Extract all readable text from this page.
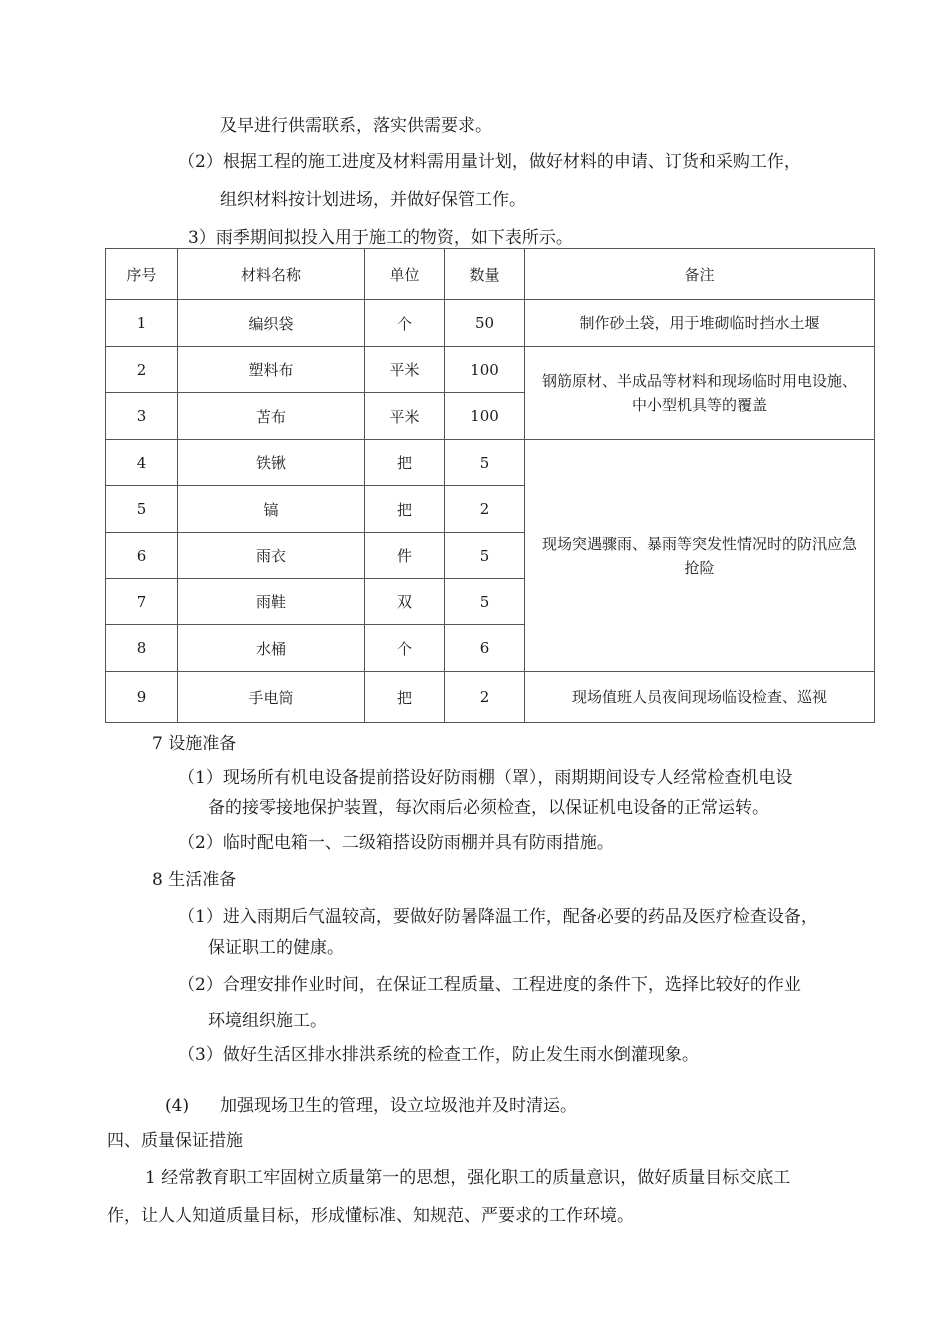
及早进行供需联系，落实供需要求。
（2）根据工程的施工进度及材料需用量计划，做好材料的申请、订货和采购工作，
组织材料按计划进场，并做好保管工作。
3）雨季期间拟投入用于施工的物资，如下表所示。
序号	材料名称	单位	数量	备注
1	编织袋	个	50	制作砂土袋，用于堆砌临时挡水土堰
2	塑料布	平米	100	钢筋原材、半成品等材料和现场临时用电设施、中小型机具等的覆盖
3	苫布	平米	100	
4	铁锹	把	5	现场突遇骤雨、暴雨等突发性情况时的防汛应急抢险
5	镐	把	2	
6	雨衣	件	5	
7	雨鞋	双	5	
8	水桶	个	6	
9	手电筒	把	2	现场值班人员夜间现场临设检查、巡视
7 设施准备
（1）现场所有机电设备提前搭设好防雨棚（罩），雨期期间设专人经常检查机电设
备的接零接地保护装置，每次雨后必须检查，以保证机电设备的正常运转。
（2）临时配电箱一、二级箱搭设防雨棚并具有防雨措施。
8 生活准备
（1）进入雨期后气温较高，要做好防暑降温工作，配备必要的药品及医疗检查设备，
保证职工的健康。
（2）合理安排作业时间，在保证工程质量、工程进度的条件下，选择比较好的作业
环境组织施工。
（3）做好生活区排水排洪系统的检查工作，防止发生雨水倒灌现象。
(4) 加强现场卫生的管理，设立垃圾池并及时清运。
四、质量保证措施
1 经常教育职工牢固树立质量第一的思想，强化职工的质量意识，做好质量目标交底工
作，让人人知道质量目标，形成懂标准、知规范、严要求的工作环境。
